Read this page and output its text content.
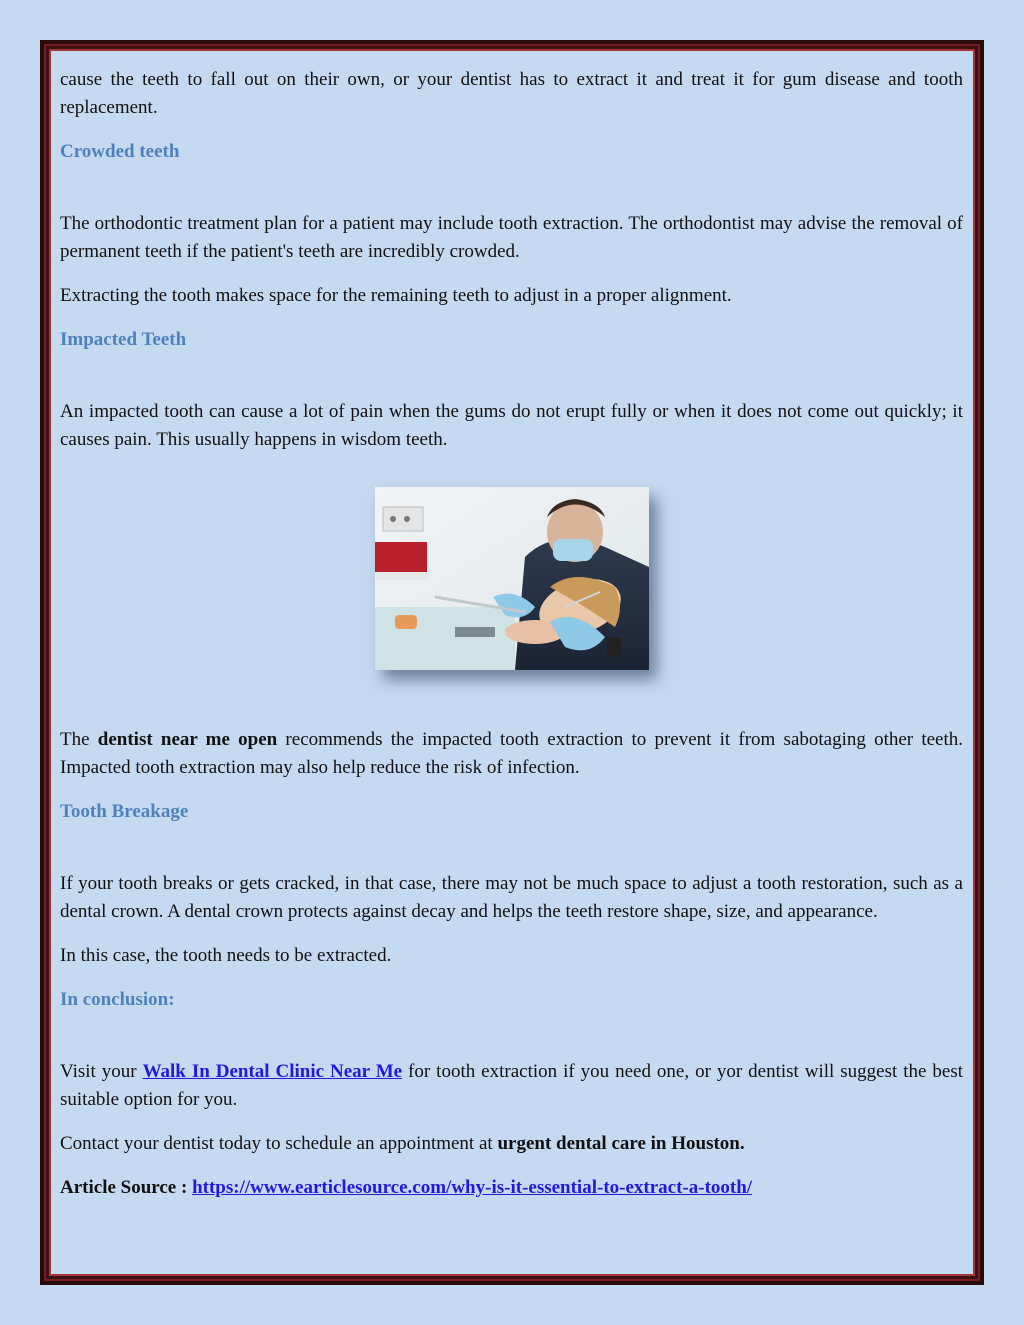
cause the teeth to fall out on their own, or your dentist has to extract it and treat it for gum disease and tooth replacement.

Crowded teeth

The orthodontic treatment plan for a patient may include tooth extraction. The orthodontist may advise the removal of permanent teeth if the patient's teeth are incredibly crowded.

Extracting the tooth makes space for the remaining teeth to adjust in a proper alignment.

Impacted Teeth

An impacted tooth can cause a lot of pain when the gums do not erupt fully or when it does not come out quickly; it causes pain. This usually happens in wisdom teeth.

The dentist near me open recommends the impacted tooth extraction to prevent it from sabotaging other teeth. Impacted tooth extraction may also help reduce the risk of infection.

Tooth Breakage

If your tooth breaks or gets cracked, in that case, there may not be much space to adjust a tooth restoration, such as a dental crown. A dental crown protects against decay and helps the teeth restore shape, size, and appearance.

In this case, the tooth needs to be extracted.

In conclusion:

Visit your Walk In Dental Clinic Near Me for tooth extraction if you need one, or yor dentist will suggest the best suitable option for you.

Contact your dentist today to schedule an appointment at urgent dental care in Houston.

Article Source : https://www.earticlesource.com/why-is-it-essential-to-extract-a-tooth/
